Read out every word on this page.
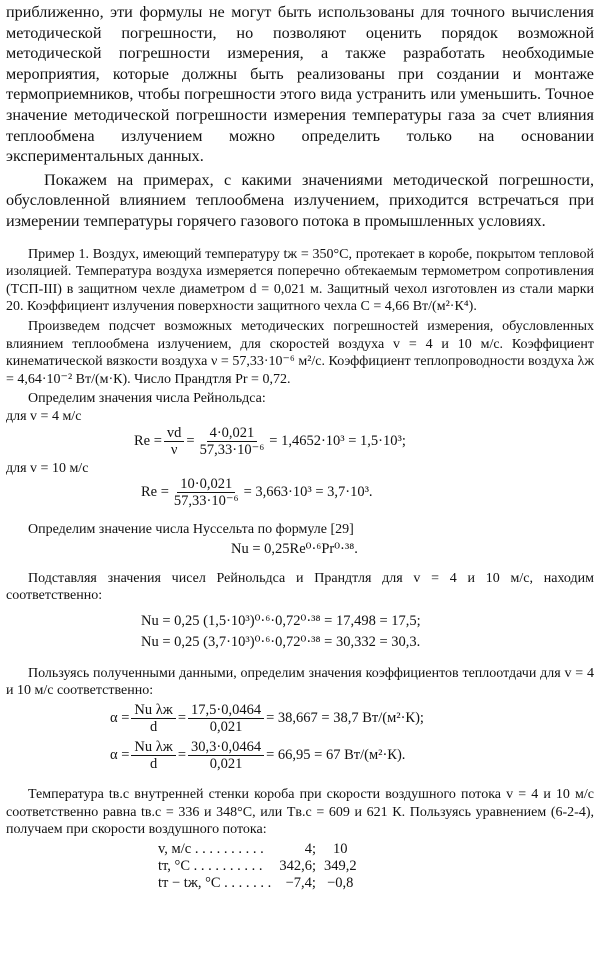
приближенно, эти формулы не могут быть использованы для точного вычисления методической погрешности, но позволяют оценить порядок возможной методической погрешности измерения, а также разработать необходимые мероприятия, которые должны быть реализованы при создании и монтаже термоприемников, чтобы погрешности этого вида устранить или уменьшить. Точное значение методической погрешности измерения температуры газа за счет влияния теплообмена излучением можно определить только на основании экспериментальных данных.

Покажем на примерах, с какими значениями методической погрешности, обусловленной влиянием теплообмена излучением, приходится встречаться при измерении температуры горячего газового потока в промышленных условиях.

Пример 1. Воздух, имеющий температуру tж = 350°С, протекает в коробе, покрытом тепловой изоляцией. Температура воздуха измеряется поперечно обтекаемым термометром сопротивления (ТСП-III) в защитном чехле диаметром d = 0,021 м. Защитный чехол изготовлен из стали марки 20. Коэффициент излучения поверхности защитного чехла C = 4,66 Вт/(м²·К⁴).

Произведем подсчет возможных методических погрешностей измерения, обусловленных влиянием теплообмена излучением, для скоростей воздуха v = 4 и 10 м/с. Коэффициент кинематической вязкости воздуха ν = 57,33·10⁻⁶ м²/с. Коэффициент теплопроводности воздуха λж = 4,64·10⁻² Вт/(м·К). Число Прандтля Pr = 0,72.

Определим значения числа Рейнольдса:

для v = 4 м/с

$Re = \frac{vd}{\nu} = \frac{4\cdot 0,021}{\text{57,33·10⁻⁶}} = 1,4652\cdot 10^3 = 1,5\cdot 10^3$;

для v = 10 м/с

$Re = \frac{10\cdot 0,021}{\text{57,33·10⁻⁶}} = 3,663\cdot 10^3 = 3,7\cdot 10^3$.

Определим значение числа Нуссельта по формуле [29]

Nu = 0,25Re⁰·⁶Pr⁰·³⁸.

Подставляя значения чисел Рейнольдса и Прандтля для v = 4 и 10 м/с, находим соответственно:

Nu = 0,25 (1,5·10³)⁰·⁶·0,72⁰·³⁸ = 17,498 = 17,5;
Nu = 0,25 (3,7·10³)⁰·⁶·0,72⁰·³⁸ = 30,332 = 30,3.

Пользуясь полученными данными, определим значения коэффициентов теплоотдачи для v = 4 и 10 м/с соответственно:

$\alpha = \frac{\text{Nu λж}}{d} = \frac{17,5\cdot 0,0464}{0,021} = 38,667 = 38,7$ Вт/(м²·К);
$\alpha = \frac{\text{Nu λж}}{d} = \frac{30,3\cdot 0,0464}{0,021} = 66,95 = 67$ Вт/(м²·К).

Температура tв.с внутренней стенки короба при скорости воздушного потока v = 4 и 10 м/с соответственно равна tв.с = 336 и 348°С, или Tв.с = 609 и 621 К. Пользуясь уравнением (6-2-4), получаем при скорости воздушного потока:

v, м/с . . . . . . . . . .	4;	10
tт, °С . . . . . . . . . .	342,6;	349,2
tт − tж, °С . . . . . . .	−7,4;	−0,8
